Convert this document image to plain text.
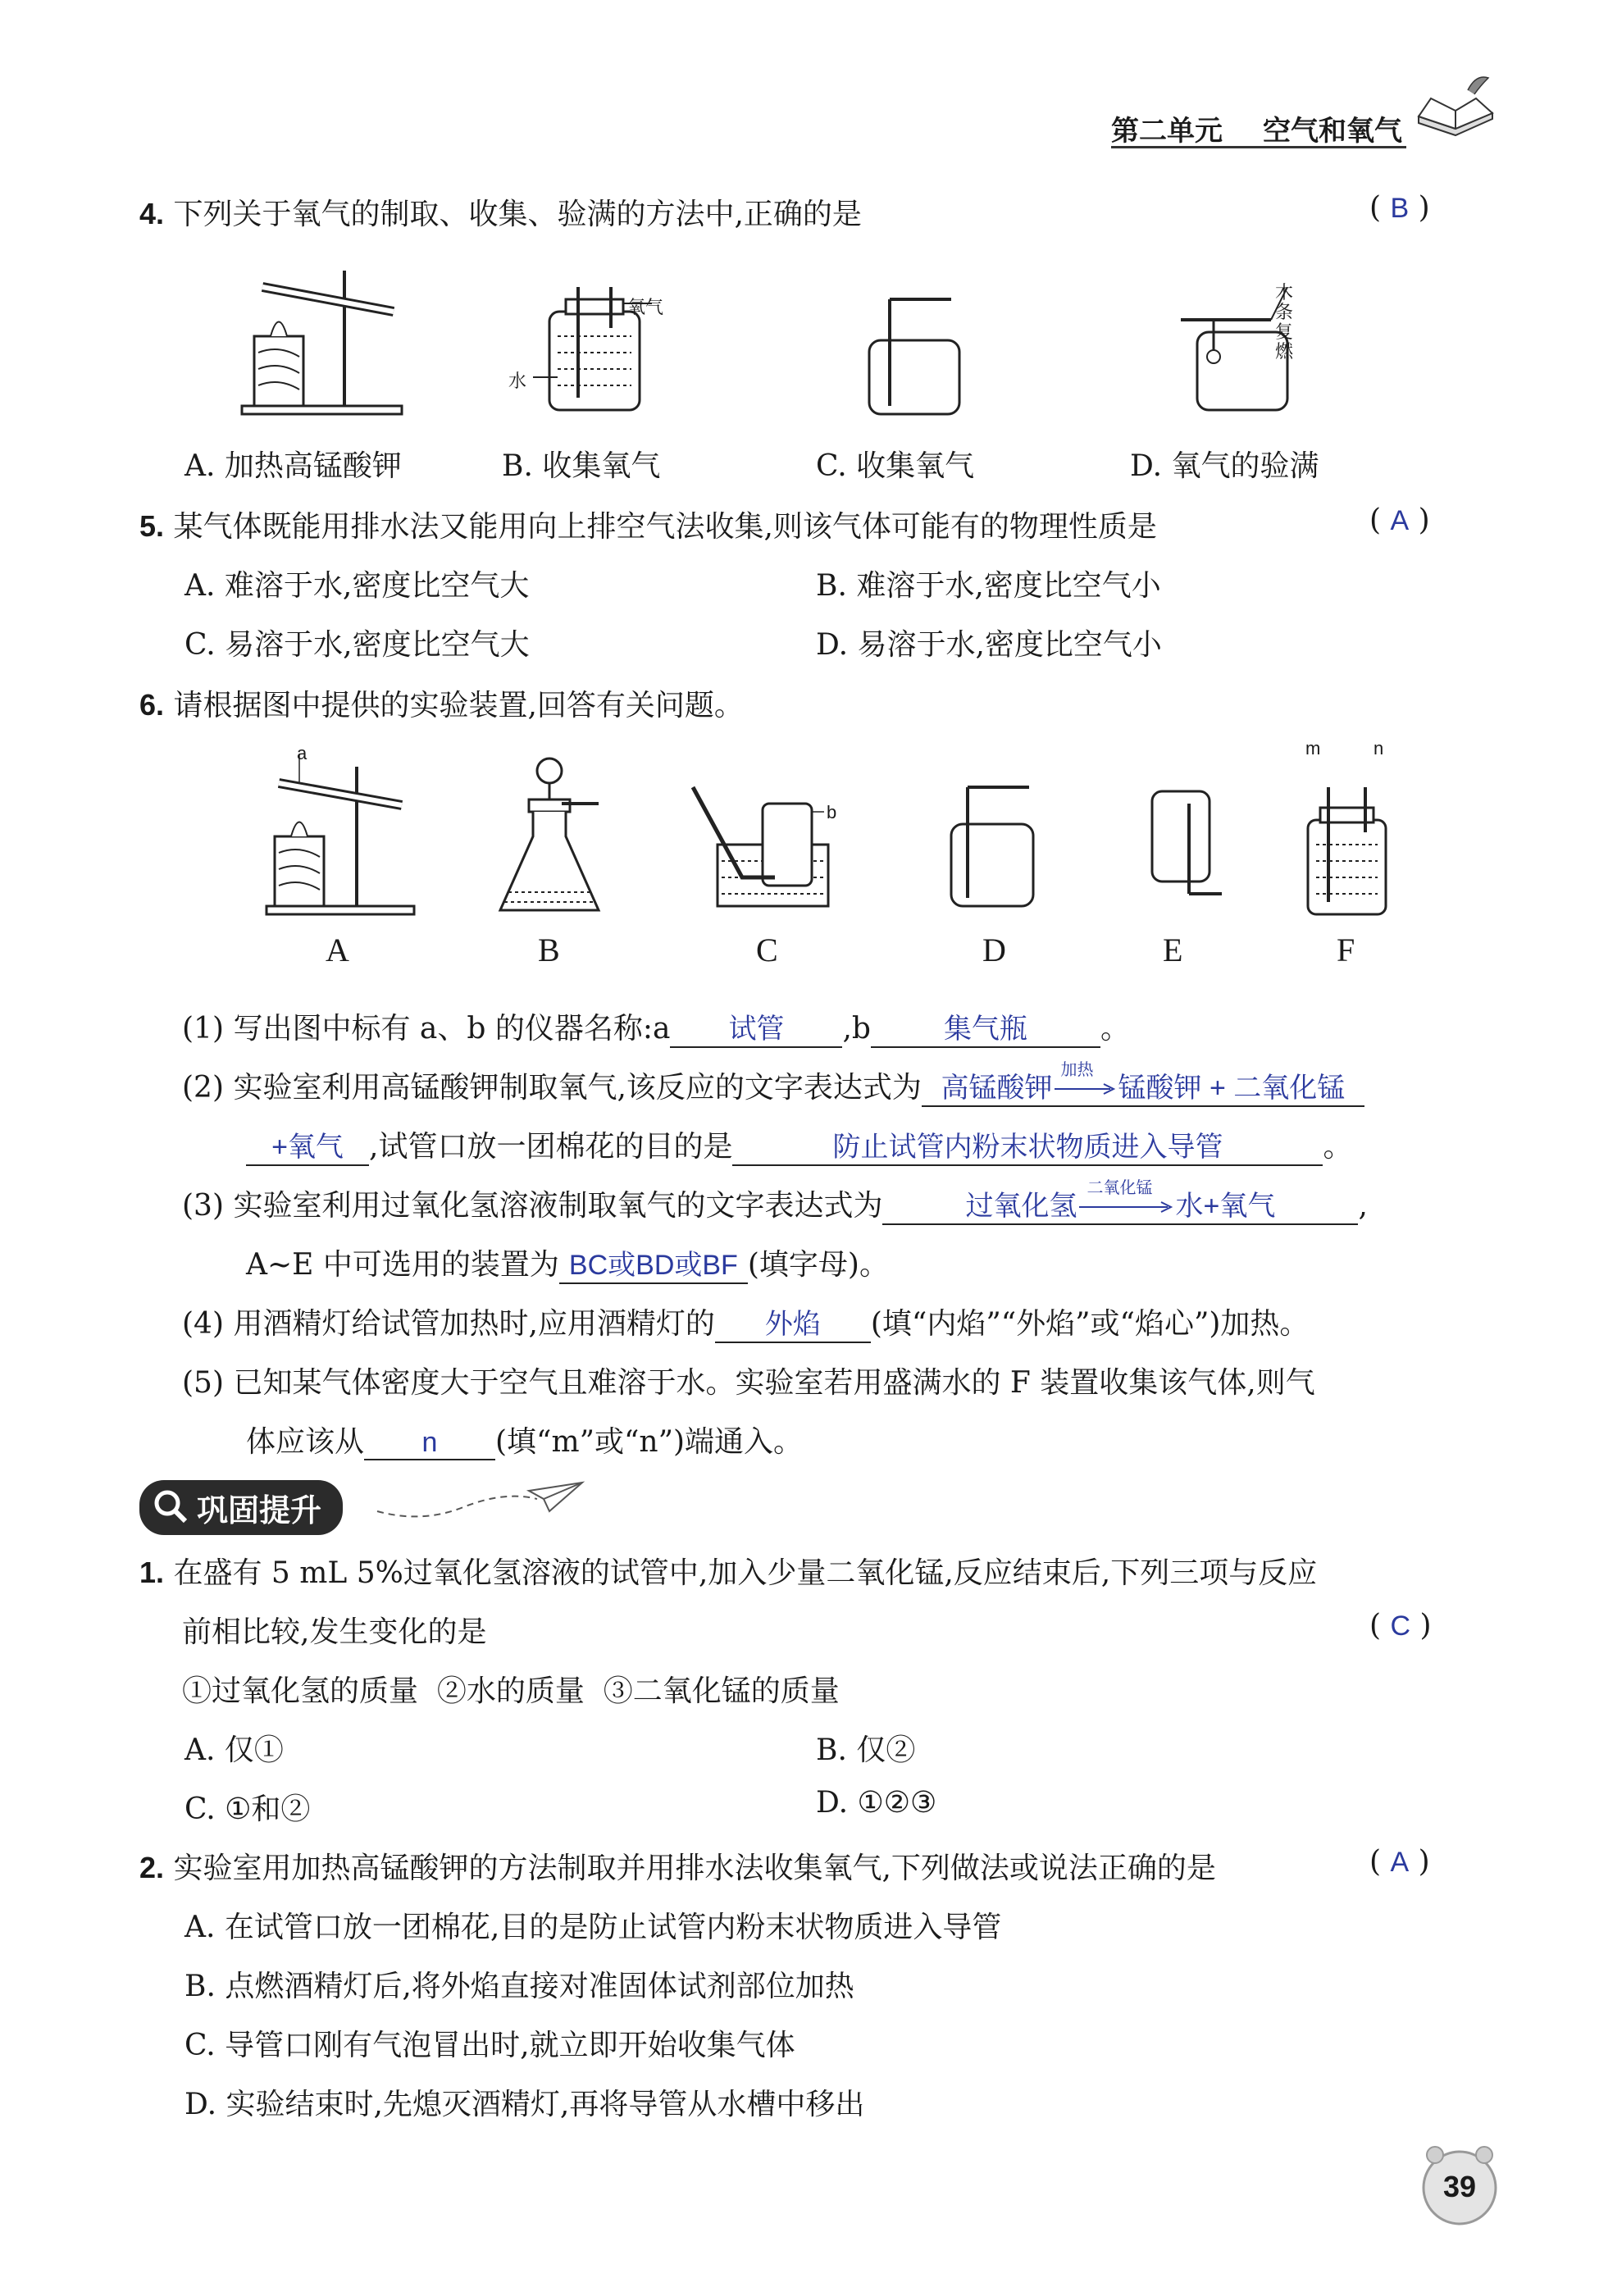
第二单元 空气和氧气
4. 下列关于氧气的制取、收集、验满的方法中,正确的是	( B )
氧气
水
木条复燃
A. 加热高锰酸钾	B. 收集氧气	C. 收集氧气	D. 氧气的验满
5. 某气体既能用排水法又能用向上排空气法收集,则该气体可能有的物理性质是	( A )
A. 难溶于水,密度比空气大	B. 难溶于水,密度比空气小
C. 易溶于水,密度比空气大	D. 易溶于水,密度比空气小
6. 请根据图中提供的实验装置,回答有关问题。
a
b
m	n
A	B	C	D	E	F
(1) 写出图中标有 a、b 的仪器名称:a 试管 ,b	集气瓶 。
(2) 实验室利用高锰酸钾制取氧气,该反应的文字表达式为 高锰酸钾
加热
锰酸钾 + 二氧化锰
+氧气 ,试管口放一团棉花的目的是	防止试管内粉末状物质进入导管	。
(3) 实验室利用过氧化氢溶液制取氧气的文字表达式为	过氧化氢
二氧化锰
水+氧气	,
A~E 中可选用的装置为 BC或BD或BF (填字母)。
(4) 用酒精灯给试管加热时,应用酒精灯的 外焰 (填“内焰”“外焰”或“焰心”)加热。
(5) 已知某气体密度大于空气且难溶于水。实验室若用盛满水的 F 装置收集该气体,则气
体应该从 n (填“m”或“n”)端通入。
巩固提升
1. 在盛有 5 mL 5%过氧化氢溶液的试管中,加入少量二氧化锰,反应结束后,下列三项与反应
前相比较,发生变化的是	( C )
①过氧化氢的质量  ②水的质量  ③二氧化锰的质量
A. 仅①	B. 仅②
C. ①和②	D. ①②③
2. 实验室用加热高锰酸钾的方法制取并用排水法收集氧气,下列做法或说法正确的是	( A )
A. 在试管口放一团棉花,目的是防止试管内粉末状物质进入导管
B. 点燃酒精灯后,将外焰直接对准固体试剂部位加热
C. 导管口刚有气泡冒出时,就立即开始收集气体
D. 实验结束时,先熄灭酒精灯,再将导管从水槽中移出
39
